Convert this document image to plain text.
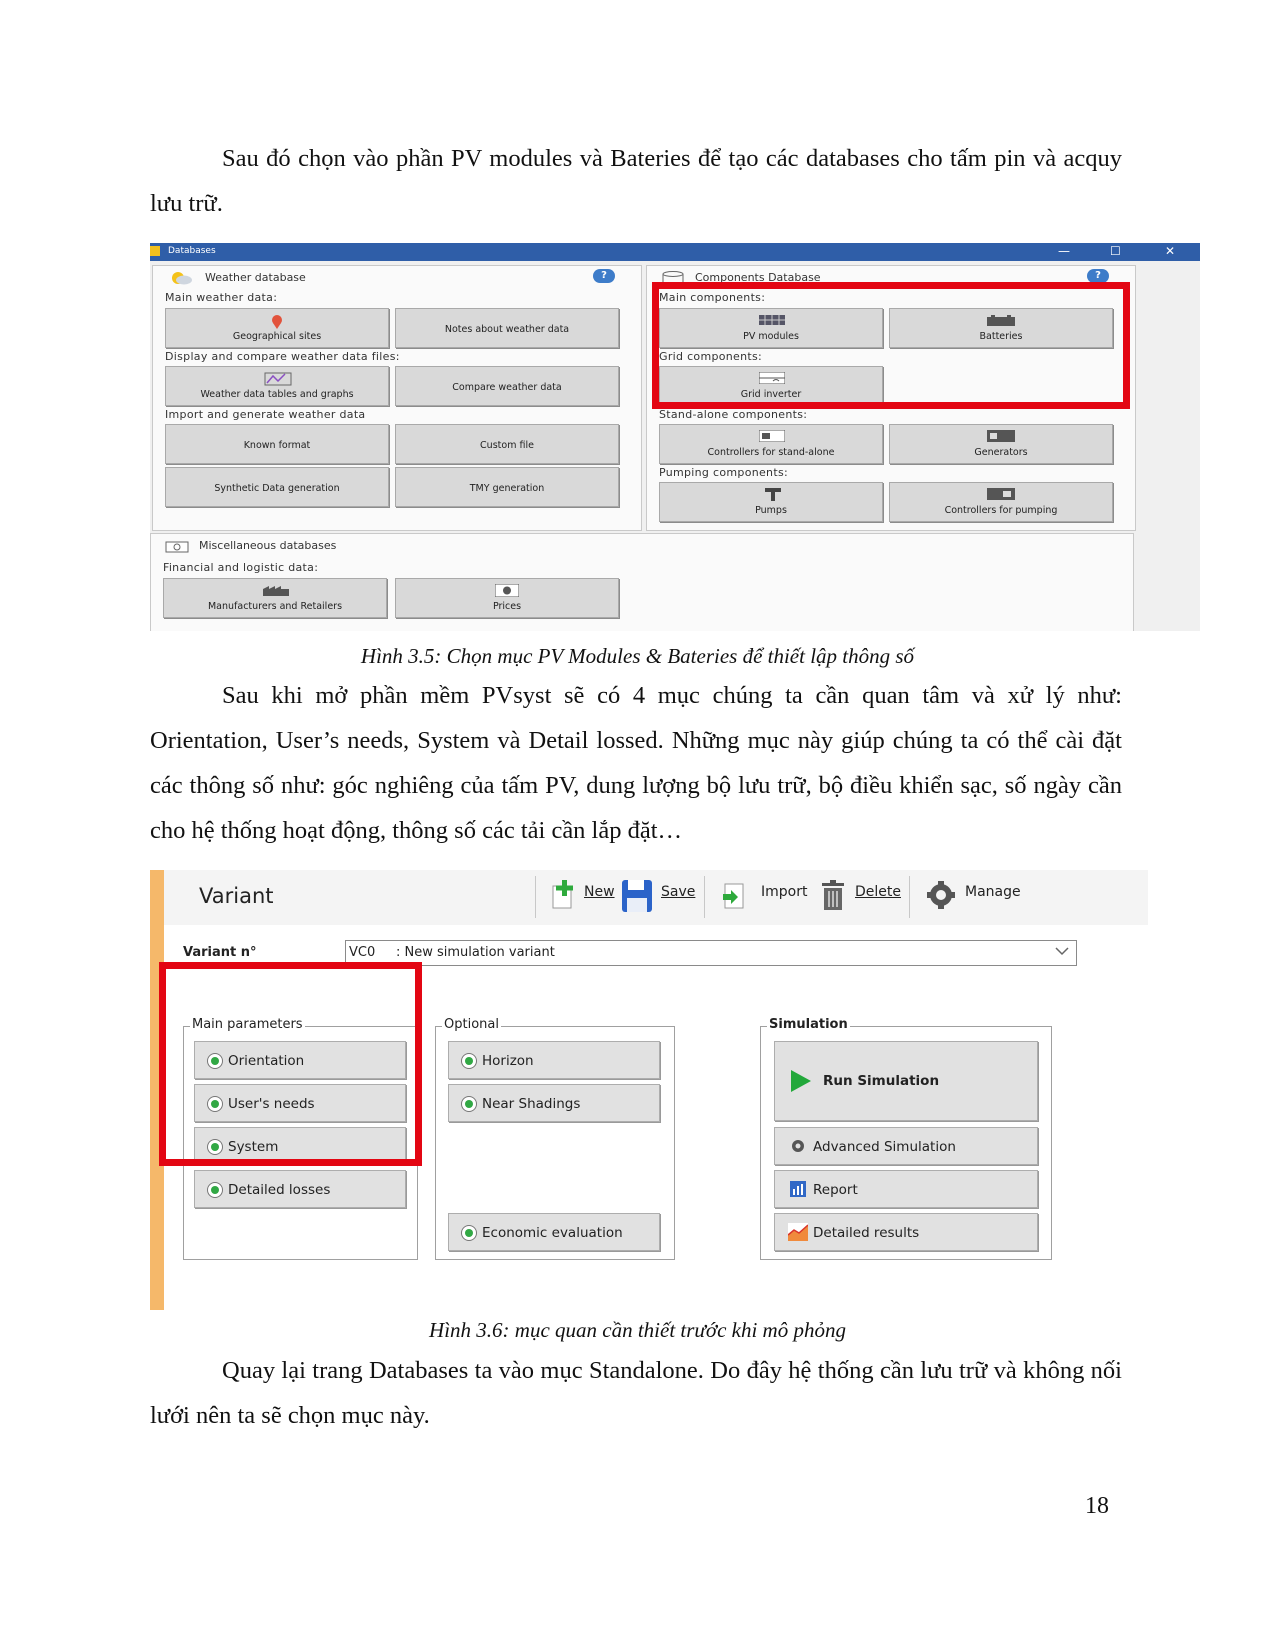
Sau đó chọn vào phần PV modules và Bateries để tạo các databases cho tấm pin và acquy lưu trữ.
Databases	—	☐	✕
Weather database	?
Main weather data:
Geographical sites
Notes about weather data
Display and compare weather data files:
Weather data tables and graphs
Compare weather data
Import and generate weather data
Known format	Custom file
Synthetic Data generation	TMY generation
Components Database	?
Main components:
PV modules	Batteries
Grid components:
Grid inverter
Stand-alone components:
Controllers for stand-alone	Generators
Pumping components:
Pumps	Controllers for pumping
Miscellaneous databases
Financial and logistic data:
Manufacturers and Retailers	Prices
Hình 3.5: Chọn mục PV Modules & Bateries để thiết lập thông số
Sau khi mở phần mềm PVsyst sẽ có 4 mục chúng ta cần quan tâm và xử lý như: Orientation, User’s needs, System và Detail lossed. Những mục này giúp chúng ta có thể cài đặt các thông số như: góc nghiêng của tấm PV, dung lượng bộ lưu trữ, bộ điều khiển sạc, số ngày cần cho hệ thống hoạt động, thông số các tải cần lắp đặt…
Variant	New	Save	Import	Delete	Manage
Variant n°	VC0 : New simulation variant
Main parameters
Orientation
User's needs
System
Detailed losses
Optional
Horizon
Near Shadings
Economic evaluation
Simulation
Run Simulation
Advanced Simulation
Report
Detailed results
Hình 3.6: mục quan cần thiết trước khi mô phỏng
Quay lại trang Databases ta vào mục Standalone. Do đây hệ thống cần lưu trữ và không nối lưới nên ta sẽ chọn mục này.
18
